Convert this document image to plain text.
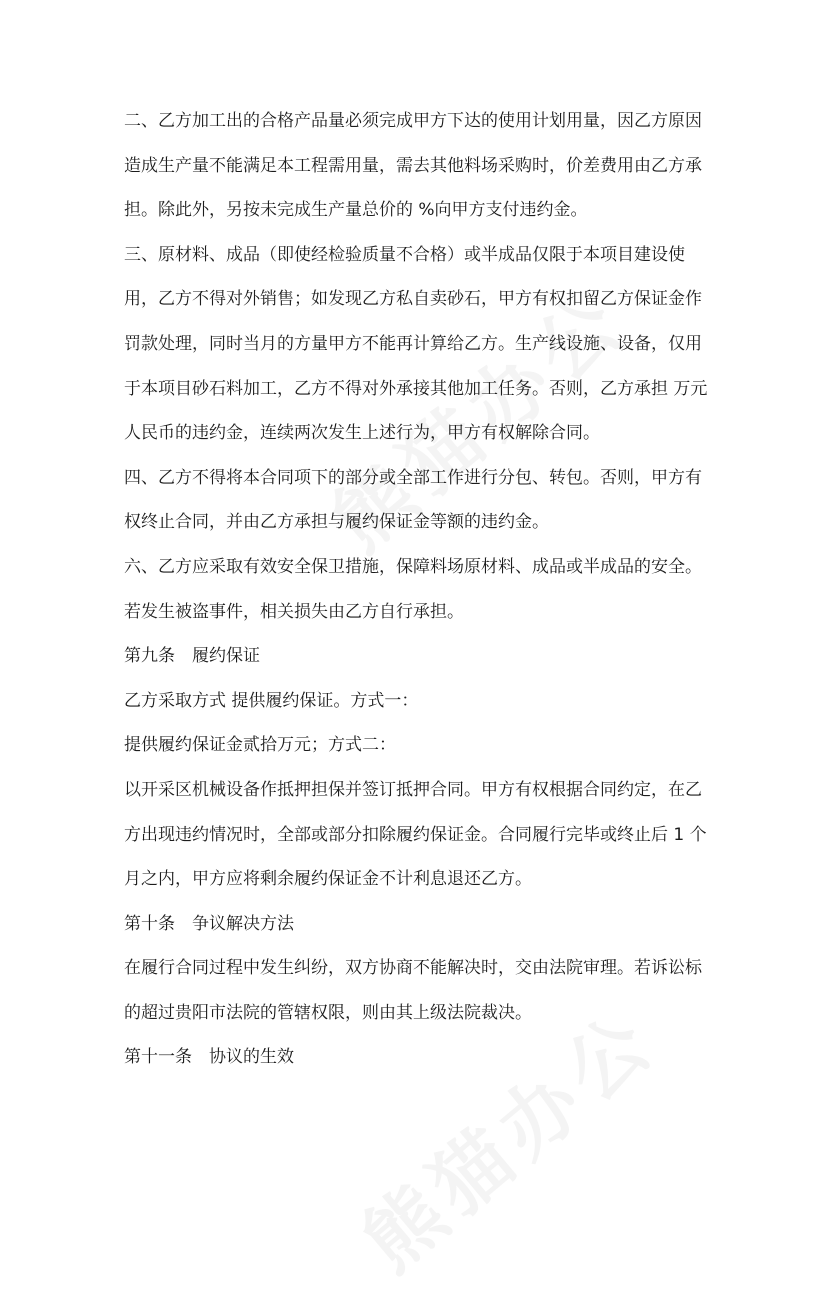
二、乙方加工出的合格产品量必须完成甲方下达的使用计划用量，因乙方原因
造成生产量不能满足本工程需用量，需去其他料场采购时，价差费用由乙方承
担。除此外，另按未完成生产量总价的 %向甲方支付违约金。
三、原材料、成品（即使经检验质量不合格）或半成品仅限于本项目建设使
用，乙方不得对外销售；如发现乙方私自卖砂石，甲方有权扣留乙方保证金作
罚款处理，同时当月的方量甲方不能再计算给乙方。生产线设施、设备，仅用
于本项目砂石料加工，乙方不得对外承接其他加工任务。否则，乙方承担 万元
人民币的违约金，连续两次发生上述行为，甲方有权解除合同。
四、乙方不得将本合同项下的部分或全部工作进行分包、转包。否则，甲方有
权终止合同，并由乙方承担与履约保证金等额的违约金。
六、乙方应采取有效安全保卫措施，保障料场原材料、成品或半成品的安全。
若发生被盗事件，相关损失由乙方自行承担。
第九条　履约保证
乙方采取方式 提供履约保证。方式一：
提供履约保证金贰拾万元；方式二：
以开采区机械设备作抵押担保并签订抵押合同。甲方有权根据合同约定，在乙
方出现违约情况时，全部或部分扣除履约保证金。合同履行完毕或终止后 1 个
月之内，甲方应将剩余履约保证金不计利息退还乙方。
第十条　争议解决方法
在履行合同过程中发生纠纷，双方协商不能解决时，交由法院审理。若诉讼标
的超过贵阳市法院的管辖权限，则由其上级法院裁决。
第十一条　协议的生效
